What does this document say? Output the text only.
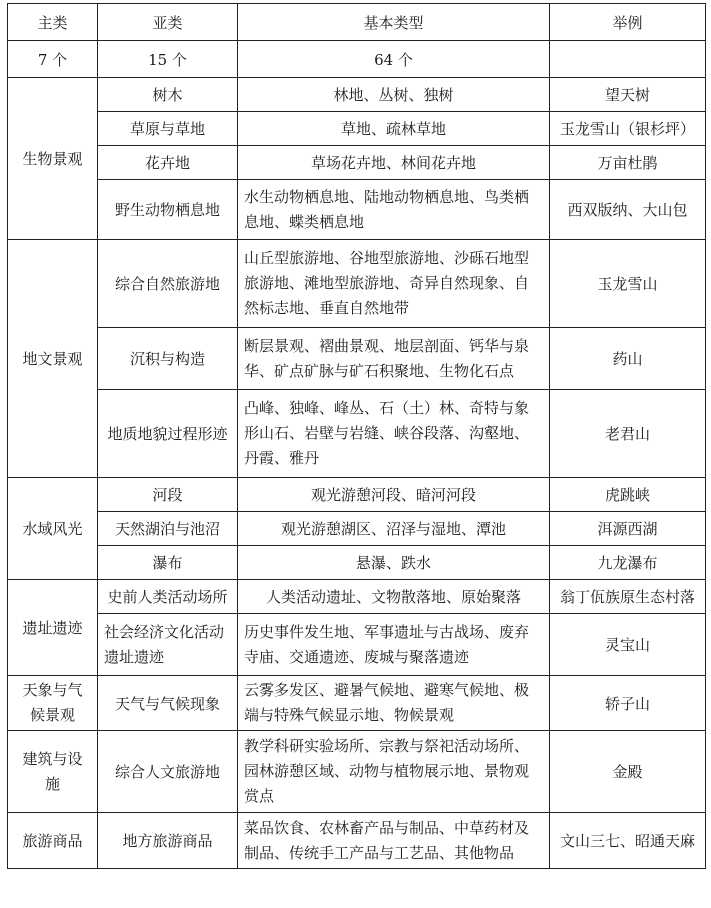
主类	亚类	基本类型	举例
7 个	15 个	64 个	
生物景观	树木	林地、丛树、独树	望天树
	草原与草地	草地、疏林草地	玉龙雪山（银杉坪）
	花卉地	草场花卉地、林间花卉地	万亩杜鹃
	野生动物栖息地	水生动物栖息地、陆地动物栖息地、鸟类栖息地、蝶类栖息地	西双版纳、大山包
地文景观	综合自然旅游地	山丘型旅游地、谷地型旅游地、沙砾石地型旅游地、滩地型旅游地、奇异自然现象、自然标志地、垂直自然地带	玉龙雪山
	沉积与构造	断层景观、褶曲景观、地层剖面、钙华与泉华、矿点矿脉与矿石积聚地、生物化石点	药山
	地质地貌过程形迹	凸峰、独峰、峰丛、石（土）林、奇特与象形山石、岩壁与岩缝、峡谷段落、沟壑地、丹霞、雅丹	老君山
水域风光	河段	观光游憩河段、暗河河段	虎跳峡
	天然湖泊与池沼	观光游憩湖区、沼泽与湿地、潭池	洱源西湖
	瀑布	悬瀑、跌水	九龙瀑布
遗址遗迹	史前人类活动场所	人类活动遗址、文物散落地、原始聚落	翁丁佤族原生态村落
	社会经济文化活动遗址遗迹	历史事件发生地、军事遗址与古战场、废弃寺庙、交通遗迹、废城与聚落遗迹	灵宝山
天象与气候景观	天气与气候现象	云雾多发区、避暑气候地、避寒气候地、极端与特殊气候显示地、物候景观	轿子山
建筑与设施	综合人文旅游地	教学科研实验场所、宗教与祭祀活动场所、园林游憩区域、动物与植物展示地、景物观赏点	金殿
旅游商品	地方旅游商品	菜品饮食、农林畜产品与制品、中草药材及制品、传统手工产品与工艺品、其他物品	文山三七、昭通天麻
